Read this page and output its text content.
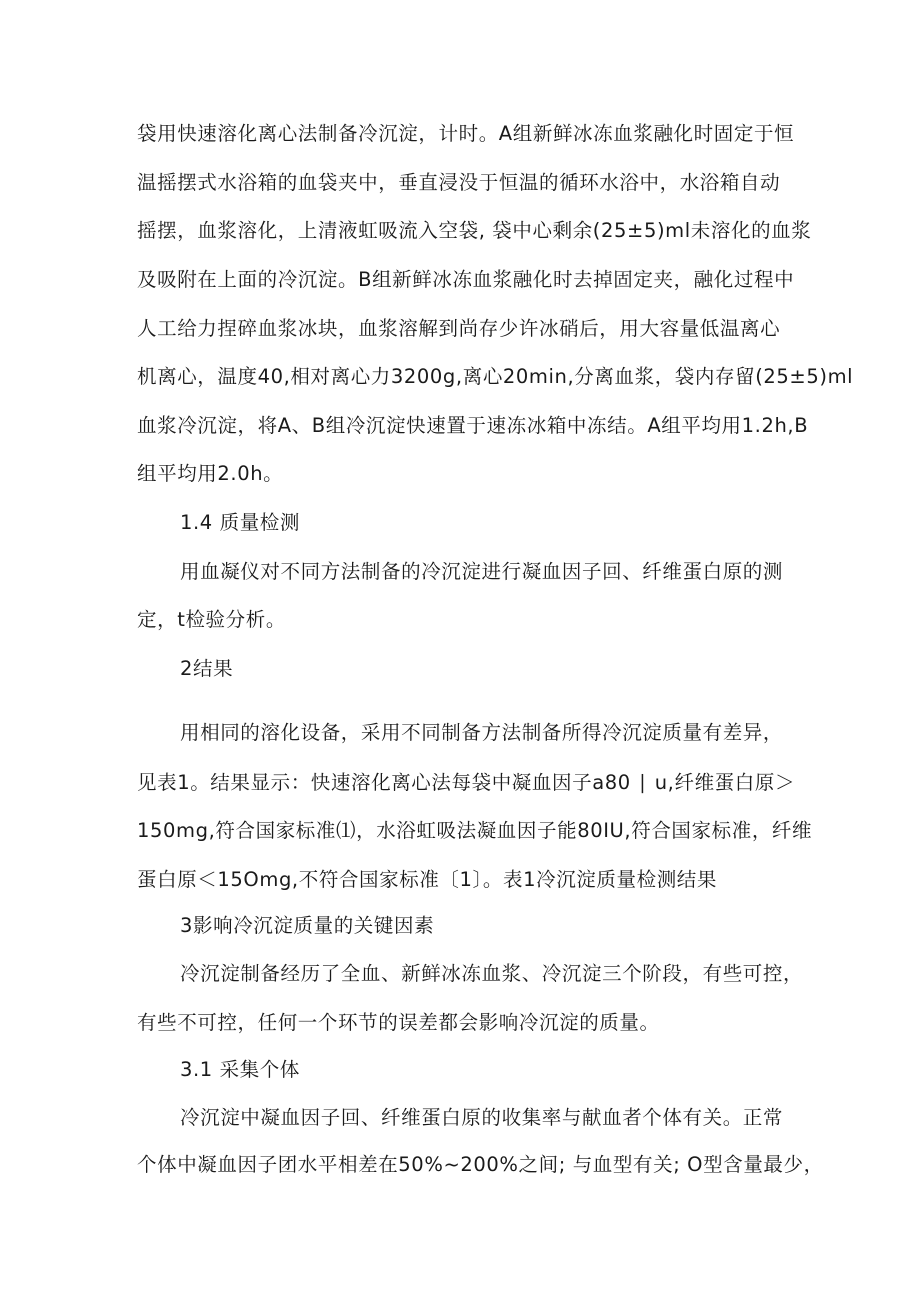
袋用快速溶化离心法制备冷沉淀，计时。A组新鲜冰冻血浆融化时固定于恒
温摇摆式水浴箱的血袋夹中，垂直浸没于恒温的循环水浴中，水浴箱自动
摇摆，血浆溶化，上清液虹吸流入空袋, 袋中心剩余(25±5)ml未溶化的血浆
及吸附在上面的冷沉淀。B组新鲜冰冻血浆融化时去掉固定夹，融化过程中
人工给力捏碎血浆冰块，血浆溶解到尚存少许冰硝后，用大容量低温离心
机离心，温度40,相对离心力3200g,离心20min,分离血浆，袋内存留(25±5)ml
血浆冷沉淀，将A、B组冷沉淀快速置于速冻冰箱中冻结。A组平均用1.2h,B
组平均用2.0h。
1.4 质量检测
用血凝仪对不同方法制备的冷沉淀进行凝血因子回、纤维蛋白原的测
定，t检验分析。
2结果
用相同的溶化设备，采用不同制备方法制备所得冷沉淀质量有差异，
见表1。结果显示：快速溶化离心法每袋中凝血因子a80 ∣ u,纤维蛋白原＞
150mg,符合国家标准⑴，水浴虹吸法凝血因子能80IU,符合国家标准，纤维
蛋白原＜15Omg,不符合国家标准〔1〕。表1冷沉淀质量检测结果
3影响冷沉淀质量的关键因素
冷沉淀制备经历了全血、新鲜冰冻血浆、冷沉淀三个阶段，有些可控，
有些不可控，任何一个环节的误差都会影响冷沉淀的质量。
3.1 采集个体
冷沉淀中凝血因子回、纤维蛋白原的收集率与献血者个体有关。正常
个体中凝血因子团水平相差在50%~200%之间; 与血型有关; O型含量最少，
